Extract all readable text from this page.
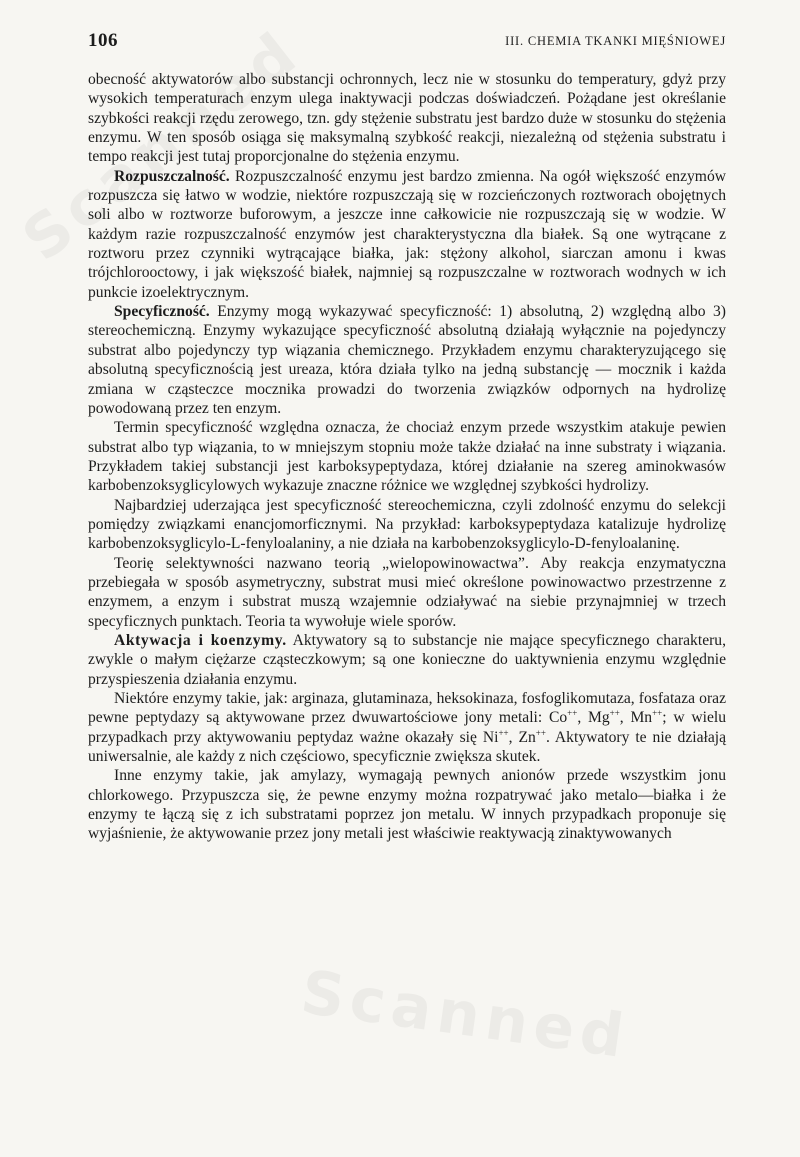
106	III. CHEMIA TKANKI MIĘŚNIOWEJ

obecność aktywatorów albo substancji ochronnych, lecz nie w stosunku do temperatury, gdyż przy wysokich temperaturach enzym ulega inaktywacji podczas doświadczeń. Pożądane jest określanie szybkości reakcji rzędu zerowego, tzn. gdy stężenie substratu jest bardzo duże w stosunku do stężenia enzymu. W ten sposób osiąga się maksymalną szybkość reakcji, niezależną od stężenia substratu i tempo reakcji jest tutaj proporcjonalne do stężenia enzymu.

Rozpuszczalność. Rozpuszczalność enzymu jest bardzo zmienna. Na ogół większość enzymów rozpuszcza się łatwo w wodzie, niektóre rozpuszczają się w rozcieńczonych roztworach obojętnych soli albo w roztworze buforowym, a jeszcze inne całkowicie nie rozpuszczają się w wodzie. W każdym razie rozpuszczalność enzymów jest charakterystyczna dla białek. Są one wytrącane z roztworu przez czynniki wytrącające białka, jak: stężony alkohol, siarczan amonu i kwas trójchlorooctowy, i jak większość białek, najmniej są rozpuszczalne w roztworach wodnych w ich punkcie izoelektrycznym.

Specyficzność. Enzymy mogą wykazywać specyficzność: 1) absolutną, 2) względną albo 3) stereochemiczną. Enzymy wykazujące specyficzność absolutną działają wyłącznie na pojedynczy substrat albo pojedynczy typ wiązania chemicznego. Przykładem enzymu charakteryzującego się absolutną specyficznością jest ureaza, która działa tylko na jedną substancję — mocznik i każda zmiana w cząsteczce mocznika prowadzi do tworzenia związków odpornych na hydrolizę powodowaną przez ten enzym.

Termin specyficzność względna oznacza, że chociaż enzym przede wszystkim atakuje pewien substrat albo typ wiązania, to w mniejszym stopniu może także działać na inne substraty i wiązania. Przykładem takiej substancji jest karboksypeptydaza, której działanie na szereg aminokwasów karbobenzoksyglicylowych wykazuje znaczne różnice we względnej szybkości hydrolizy.

Najbardziej uderzająca jest specyficzność stereochemiczna, czyli zdolność enzymu do selekcji pomiędzy związkami enancjomorficznymi. Na przykład: karboksypeptydaza katalizuje hydrolizę karbobenzoksyglicylo-L-fenyloalaniny, a nie działa na karbobenzoksyglicylo-D-fenyloalaninę.

Teorię selektywności nazwano teorią „wielopowinowactwa”. Aby reakcja enzymatyczna przebiegała w sposób asymetryczny, substrat musi mieć określone powinowactwo przestrzenne z enzymem, a enzym i substrat muszą wzajemnie odziaływać na siebie przynajmniej w trzech specyficznych punktach. Teoria ta wywołuje wiele sporów.

Aktywacja i koenzymy. Aktywatory są to substancje nie mające specyficznego charakteru, zwykle o małym ciężarze cząsteczkowym; są one konieczne do uaktywnienia enzymu względnie przyspieszenia działania enzymu.

Niektóre enzymy takie, jak: arginaza, glutaminaza, heksokinaza, fosfoglikomutaza, fosfataza oraz pewne peptydazy są aktywowane przez dwuwartościowe jony metali: Co++, Mg++, Mn++; w wielu przypadkach przy aktywowaniu peptydaz ważne okazały się Ni++, Zn++. Aktywatory te nie działają uniwersalnie, ale każdy z nich częściowo, specyficznie zwiększa skutek.

Inne enzymy takie, jak amylazy, wymagają pewnych anionów przede wszystkim jonu chlorkowego. Przypuszcza się, że pewne enzymy można rozpatrywać jako metalo—białka i że enzymy te łączą się z ich substratami poprzez jon metalu. W innych przypadkach proponuje się wyjaśnienie, że aktywowanie przez jony metali jest właściwie reaktywacją zinaktywowanych
